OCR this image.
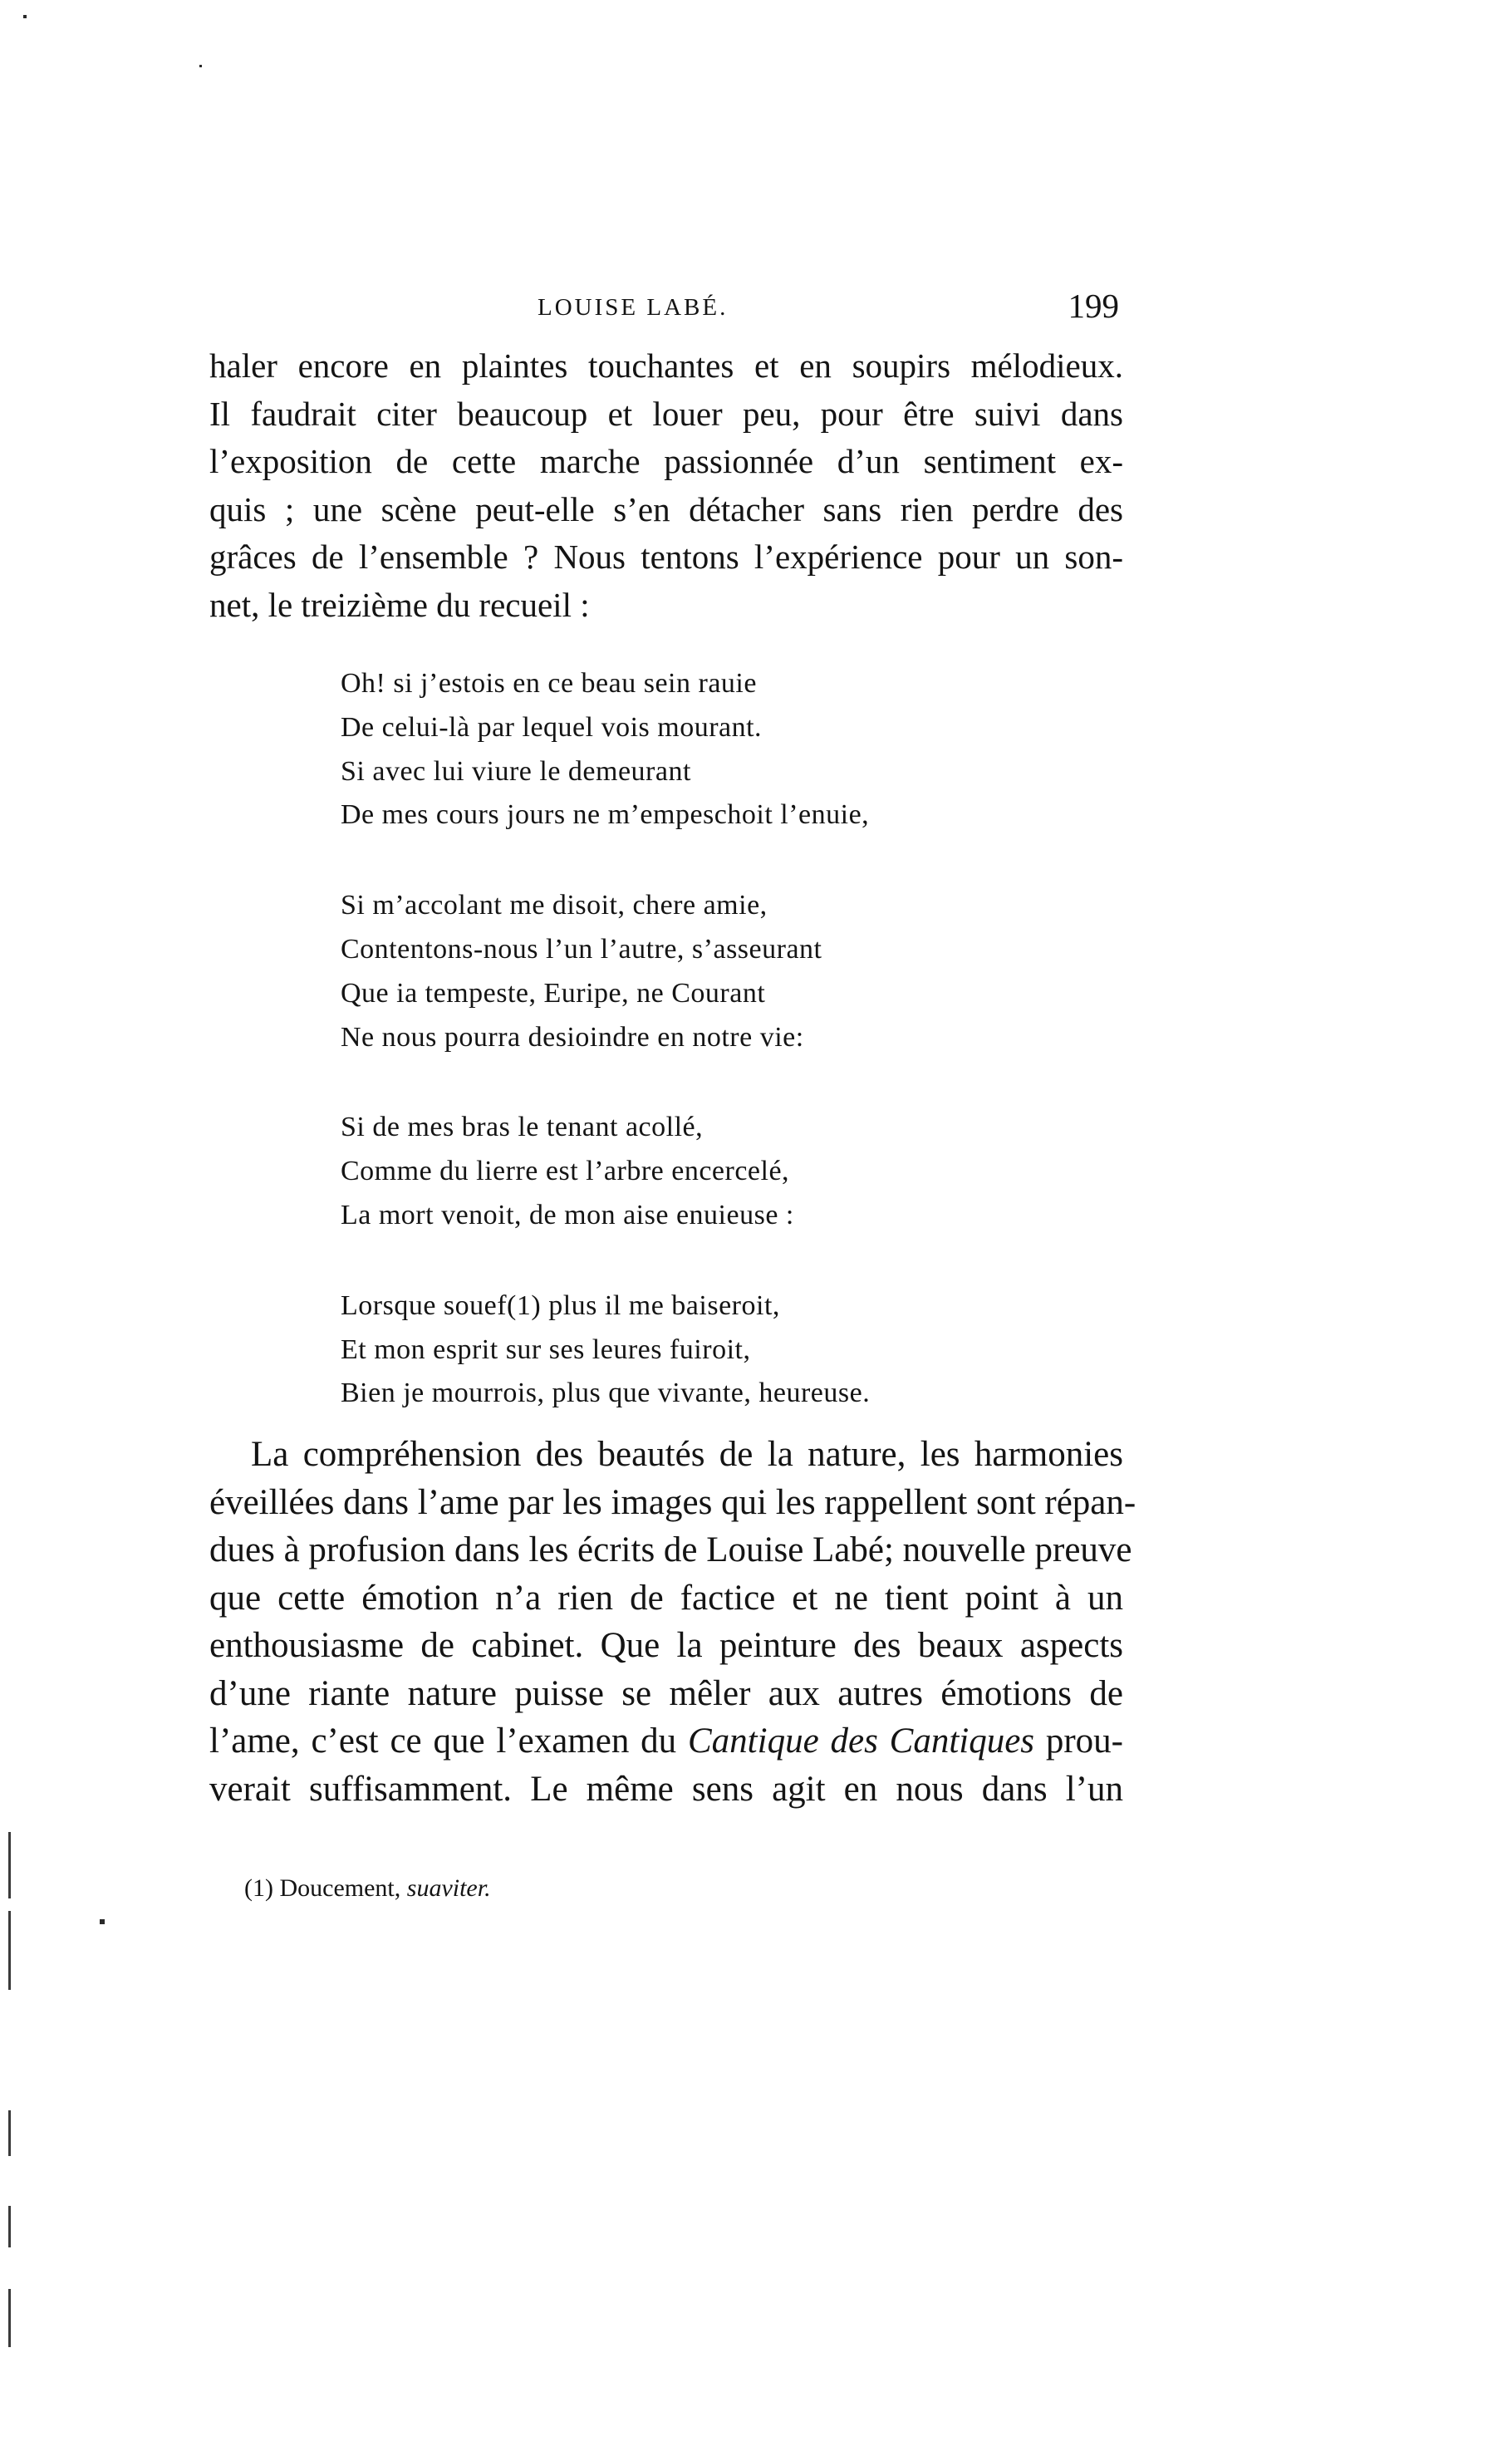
LOUISE LABÉ.	199
haler encore en plaintes touchantes et en soupirs mélodieux.
Il faudrait citer beaucoup et louer peu, pour être suivi dans
l’exposition de cette marche passionnée d’un sentiment ex-
quis ; une scène peut-elle s’en détacher sans rien perdre des
grâces de l’ensemble ? Nous tentons l’expérience pour un son-
net, le treizième du recueil :
Oh! si j’estois en ce beau sein rauie
De celui-là par lequel vois mourant.
Si avec lui viure le demeurant
De mes cours jours ne m’empeschoit l’enuie,
Si m’accolant me disoit, chere amie,
Contentons-nous l’un l’autre, s’asseurant
Que ia tempeste, Euripe, ne Courant
Ne nous pourra desioindre en notre vie:
Si de mes bras le tenant acollé,
Comme du lierre est l’arbre encercelé,
La mort venoit, de mon aise enuieuse :
Lorsque souef(1) plus il me baiseroit,
Et mon esprit sur ses leures fuiroit,
Bien je mourrois, plus que vivante, heureuse.
La compréhension des beautés de la nature, les harmonies
éveillées dans l’ame par les images qui les rappellent sont répan-
dues à profusion dans les écrits de Louise Labé; nouvelle preuve
que cette émotion n’a rien de factice et ne tient point à un
enthousiasme de cabinet. Que la peinture des beaux aspects
d’une riante nature puisse se mêler aux autres émotions de
l’ame, c’est ce que l’examen du Cantique des Cantiques prou-
verait suffisamment. Le même sens agit en nous dans l’un
(1) Doucement, suaviter.
